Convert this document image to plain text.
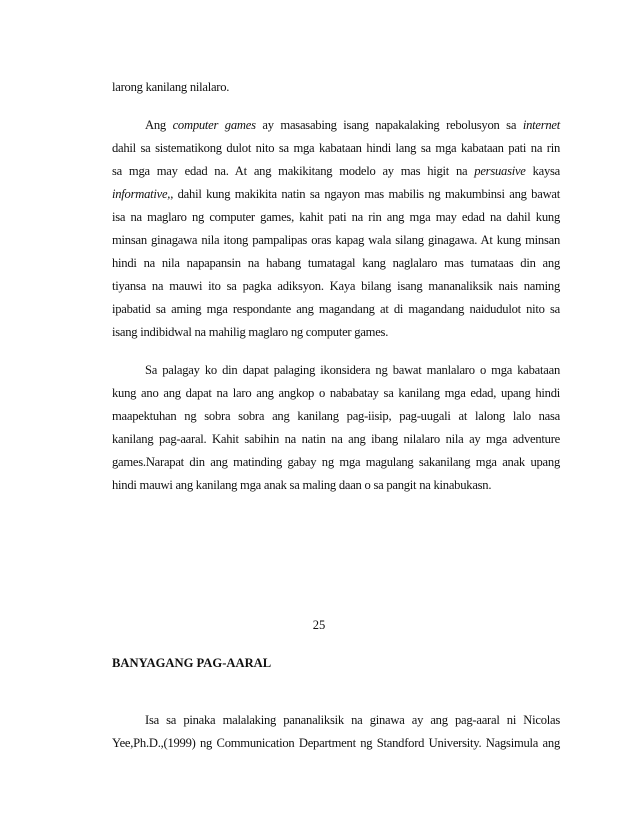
larong kanilang nilalaro.
Ang computer games ay masasabing isang napakalaking rebolusyon sa internet
dahil sa sistematikong dulot nito sa mga kabataan hindi lang sa mga kabataan pati na rin
sa mga may edad na. At ang makikitang modelo ay mas higit na persuasive kaysa
informative,, dahil kung makikita natin sa ngayon mas mabilis ng makumbinsi ang bawat
isa na maglaro ng computer games, kahit pati na rin ang mga may edad na dahil kung
minsan ginagawa nila itong pampalipas oras kapag wala silang ginagawa. At kung minsan
hindi na nila napapansin na habang tumatagal kang naglalaro mas tumataas din ang
tiyansa na mauwi ito sa pagka adiksyon. Kaya bilang isang mananaliksik nais naming
ipabatid sa aming mga respondante ang magandang at di magandang naidudulot nito sa
isang indibidwal na mahilig maglaro ng computer games.
Sa palagay ko din dapat palaging ikonsidera ng bawat manlalaro o mga kabataan
kung ano ang dapat na laro ang angkop o nababatay sa kanilang mga edad, upang hindi
maapektuhan ng sobra sobra ang kanilang pag-iisip, pag-uugali at lalong lalo nasa
kanilang pag-aaral. Kahit sabihin na natin na ang ibang nilalaro nila ay mga adventure
games.Narapat din ang matinding gabay ng mga magulang sakanilang mga anak upang
hindi mauwi ang kanilang mga anak sa maling daan o sa pangit na kinabukasn.
25
BANYAGANG PAG-AARAL
Isa sa pinaka malalaking pananaliksik na ginawa ay ang pag-aaral ni Nicolas
Yee,Ph.D.,(1999) ng Communication Department ng Standford University. Nagsimula ang
